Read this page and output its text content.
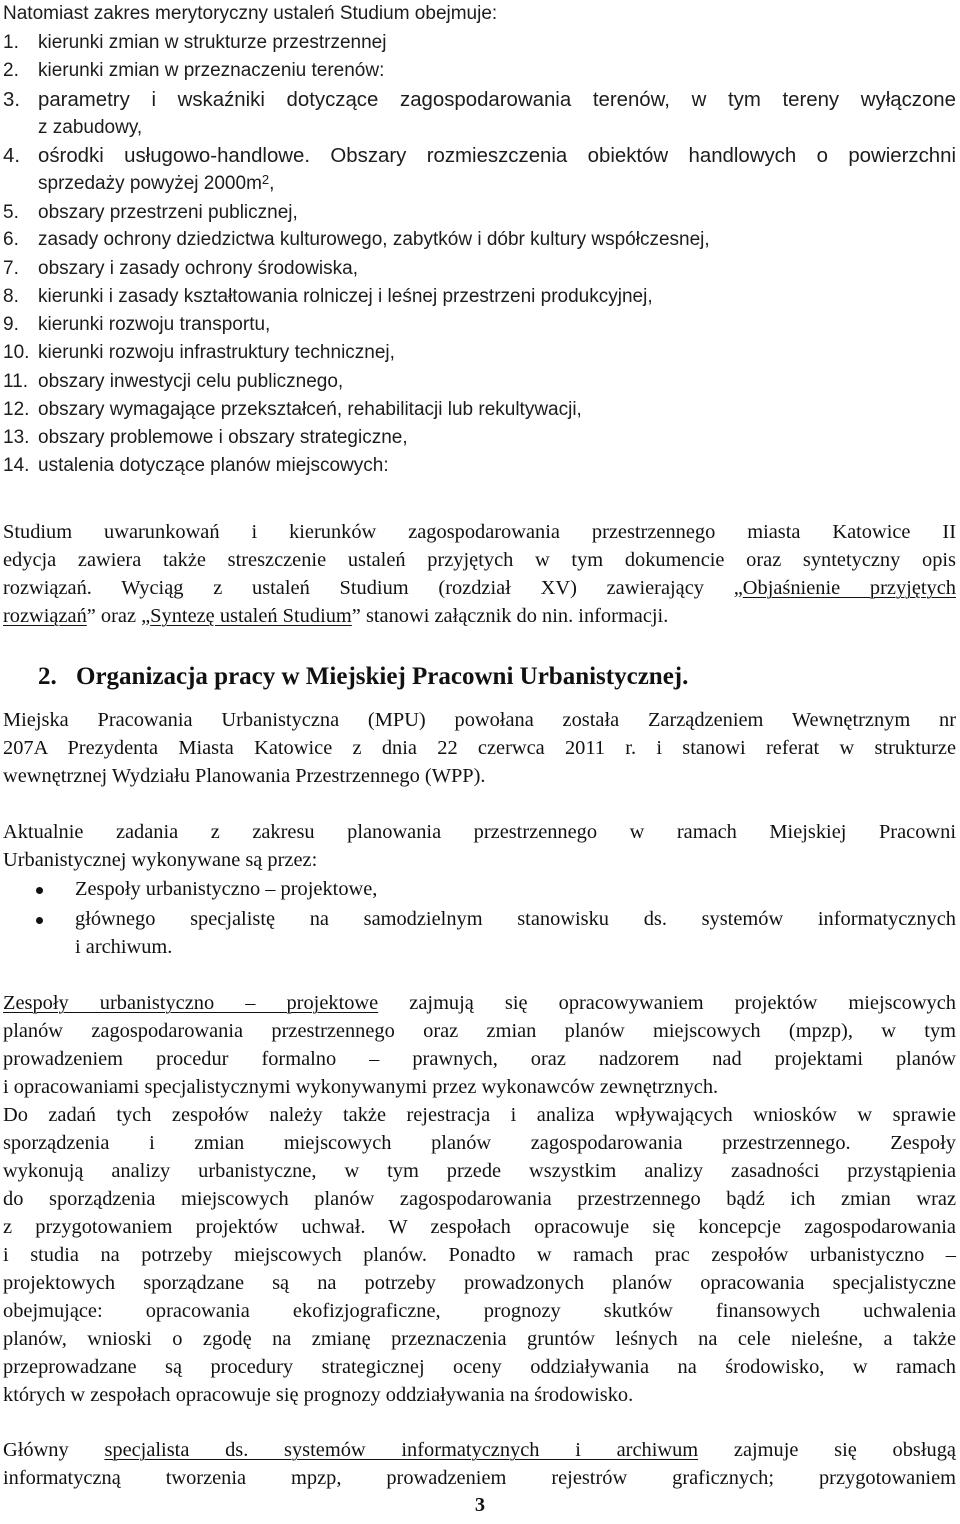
Natomiast zakres merytoryczny ustaleń Studium obejmuje:
1. kierunki zmian w strukturze przestrzennej
2. kierunki zmian w przeznaczeniu terenów:
3. parametry i wskaźniki dotyczące zagospodarowania terenów, w tym tereny wyłączone
z zabudowy,
4. ośrodki usługowo-handlowe. Obszary rozmieszczenia obiektów handlowych o powierzchni
sprzedaży powyżej $2000m^2$,
5. obszary przestrzeni publicznej,
6. zasady ochrony dziedzictwa kulturowego, zabytków i dóbr kultury współczesnej,
7. obszary i zasady ochrony środowiska,
8. kierunki i zasady kształtowania rolniczej i leśnej przestrzeni produkcyjnej,
9. kierunki rozwoju transportu,
10. kierunki rozwoju infrastruktury technicznej,
11. obszary inwestycji celu publicznego,
12. obszary wymagające przekształceń, rehabilitacji lub rekultywacji,
13. obszary problemowe i obszary strategiczne,
14. ustalenia dotyczące planów miejscowych:
Studium uwarunkowań i kierunków zagospodarowania przestrzennego miasta Katowice II
edycja zawiera także streszczenie ustaleń przyjętych w tym dokumencie oraz syntetyczny opis
rozwiązań. Wyciąg z ustaleń Studium (rozdział XV) zawierający „Objaśnienie przyjętych
rozwiązań” oraz „Syntezę ustaleń Studium” stanowi załącznik do nin. informacji.
2. Organizacja pracy w Miejskiej Pracowni Urbanistycznej.
Miejska Pracowania Urbanistyczna (MPU) powołana została Zarządzeniem Wewnętrznym nr
207A Prezydenta Miasta Katowice z dnia 22 czerwca 2011 r. i stanowi referat w strukturze
wewnętrznej Wydziału Planowania Przestrzennego (WPP).
Aktualnie zadania z zakresu planowania przestrzennego w ramach Miejskiej Pracowni
Urbanistycznej wykonywane są przez:
Zespoły urbanistyczno – projektowe,
głównego specjalistę na samodzielnym stanowisku ds. systemów informatycznych
i archiwum.
Zespoły urbanistyczno – projektowe zajmują się opracowywaniem projektów miejscowych
planów zagospodarowania przestrzennego oraz zmian planów miejscowych (mpzp), w tym
prowadzeniem procedur formalno – prawnych, oraz nadzorem nad projektami planów
i opracowaniami specjalistycznymi wykonywanymi przez wykonawców zewnętrznych.
Do zadań tych zespołów należy także rejestracja i analiza wpływających wniosków w sprawie
sporządzenia i zmian miejscowych planów zagospodarowania przestrzennego. Zespoły
wykonują analizy urbanistyczne, w tym przede wszystkim analizy zasadności przystąpienia
do sporządzenia miejscowych planów zagospodarowania przestrzennego bądź ich zmian wraz
z przygotowaniem projektów uchwał. W zespołach opracowuje się koncepcje zagospodarowania
i studia na potrzeby miejscowych planów. Ponadto w ramach prac zespołów urbanistyczno –
projektowych sporządzane są na potrzeby prowadzonych planów opracowania specjalistyczne
obejmujące: opracowania ekofizjograficzne, prognozy skutków finansowych uchwalenia
planów, wnioski o zgodę na zmianę przeznaczenia gruntów leśnych na cele nieleśne, a także
przeprowadzane są procedury strategicznej oceny oddziaływania na środowisko, w ramach
których w zespołach opracowuje się prognozy oddziaływania na środowisko.
Główny specjalista ds. systemów informatycznych i archiwum zajmuje się obsługą
informatyczną tworzenia mpzp, prowadzeniem rejestrów graficznych; przygotowaniem
3
